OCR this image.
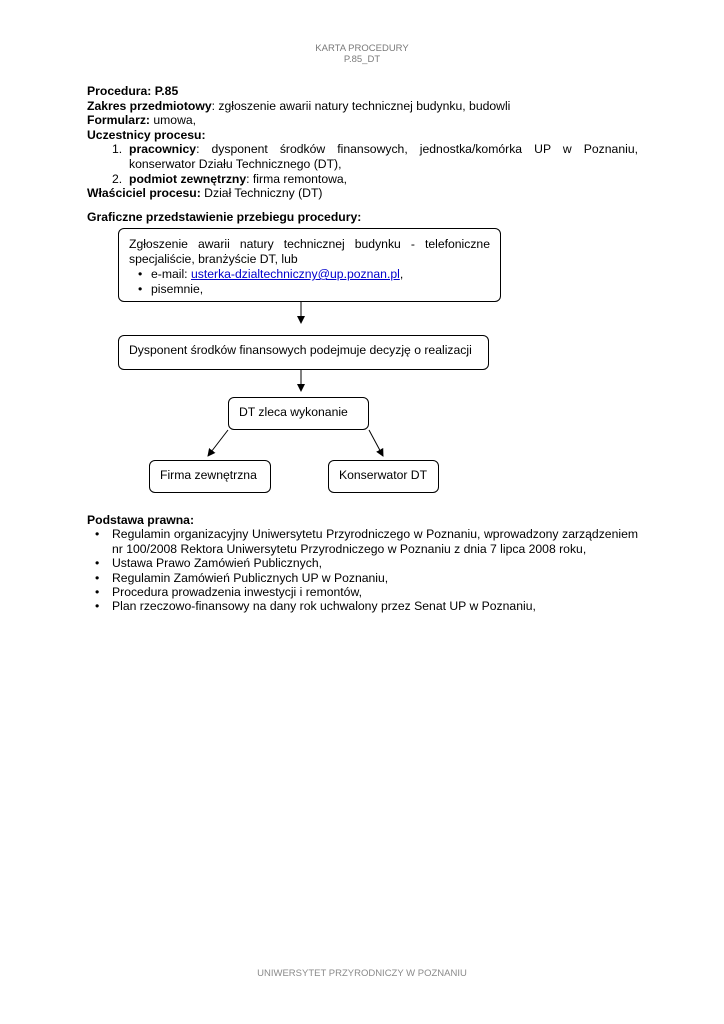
KARTA PROCEDURY
P.85_DT
Procedura: P.85
Zakres przedmiotowy: zgłoszenie awarii natury technicznej budynku, budowli
Formularz: umowa,
Uczestnicy procesu:
1. pracownicy: dysponent środków finansowych, jednostka/komórka UP w Poznaniu,
konserwator Działu Technicznego (DT),
2. podmiot zewnętrzny: firma remontowa,
Właściciel procesu: Dział Techniczny (DT)
Graficzne przedstawienie przebiegu procedury:
Zgłoszenie awarii natury technicznej budynku - telefoniczne
specjaliście, branżyście DT, lub
• e-mail: usterka-dzialtechniczny@up.poznan.pl,
• pisemnie,
Dysponent środków finansowych podejmuje decyzję o realizacji
DT zleca wykonanie
Firma zewnętrzna	Konserwator DT
Podstawa prawna:
• Regulamin organizacyjny Uniwersytetu Przyrodniczego w Poznaniu, wprowadzony zarządzeniem
nr 100/2008 Rektora Uniwersytetu Przyrodniczego w Poznaniu z dnia 7 lipca 2008 roku,
• Ustawa Prawo Zamówień Publicznych,
• Regulamin Zamówień Publicznych UP w Poznaniu,
• Procedura prowadzenia inwestycji i remontów,
• Plan rzeczowo-finansowy na dany rok uchwalony przez Senat UP w Poznaniu,
UNIWERSYTET PRZYRODNICZY W POZNANIU
